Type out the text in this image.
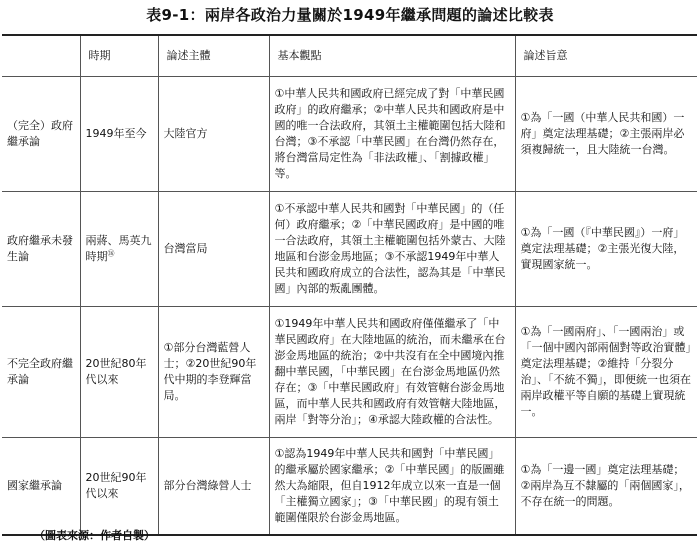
表9-1：兩岸各政治力量關於1949年繼承問題的論述比較表
	時期	論述主體	基本觀點	論述旨意
（完全）政府繼承論	1949年至今	大陸官方	①中華人民共和國政府已經完成了對「中華民國政府」的政府繼承；②中華人民共和國政府是中國的唯一合法政府，其領土主權範圍包括大陸和台灣；③不承認「中華民國」在台灣仍然存在，將台灣當局定性為「非法政權」、「割據政權」等。	①為「一國（中華人民共和國）一府」奠定法理基礎；②主張兩岸必須複歸統一，且大陸統一台灣。
政府繼承未發生論	兩蔣、馬英九時期⑯	台灣當局	①不承認中華人民共和國對「中華民國」的（任何）政府繼承；②「中華民國政府」是中國的唯一合法政府，其領土主權範圍包括外蒙古、大陸地區和台澎金馬地區；③不承認1949年中華人民共和國政府成立的合法性，認為其是「中華民國」內部的叛亂團體。	①為「一國（『中華民國』）一府」奠定法理基礎；②主張光復大陸，實現國家統一。
不完全政府繼承論	20世紀80年代以來	①部分台灣藍營人士；②20世紀90年代中期的李登輝當局。	①1949年中華人民共和國政府僅僅繼承了「中華民國政府」在大陸地區的統治，而未繼承在台澎金馬地區的統治；②中共沒有在全中國境內推翻中華民國，「中華民國」在台澎金馬地區仍然存在；③「中華民國政府」有效管轄台澎金馬地區，而中華人民共和國政府有效管轄大陸地區，兩岸「對等分治」；④承認大陸政權的合法性。	①為「一國兩府」、「一國兩治」或「一個中國內部兩個對等政治實體」奠定法理基礎；②維持「分裂分治」、「不統不獨」，即便統一也須在兩岸政權平等自願的基礎上實現統一。
國家繼承論	20世紀90年代以來	部分台灣綠營人士	①認為1949年中華人民共和國對「中華民國」的繼承屬於國家繼承；②「中華民國」的版圖雖然大為縮限，但自1912年成立以來一直是一個「主權獨立國家」；③「中華民國」的現有領土範圍僅限於台澎金馬地區。	①為「一邊一國」奠定法理基礎；②兩岸為互不隸屬的「兩個國家」，不存在統一的問題。
（圖表來源：作者自製）
